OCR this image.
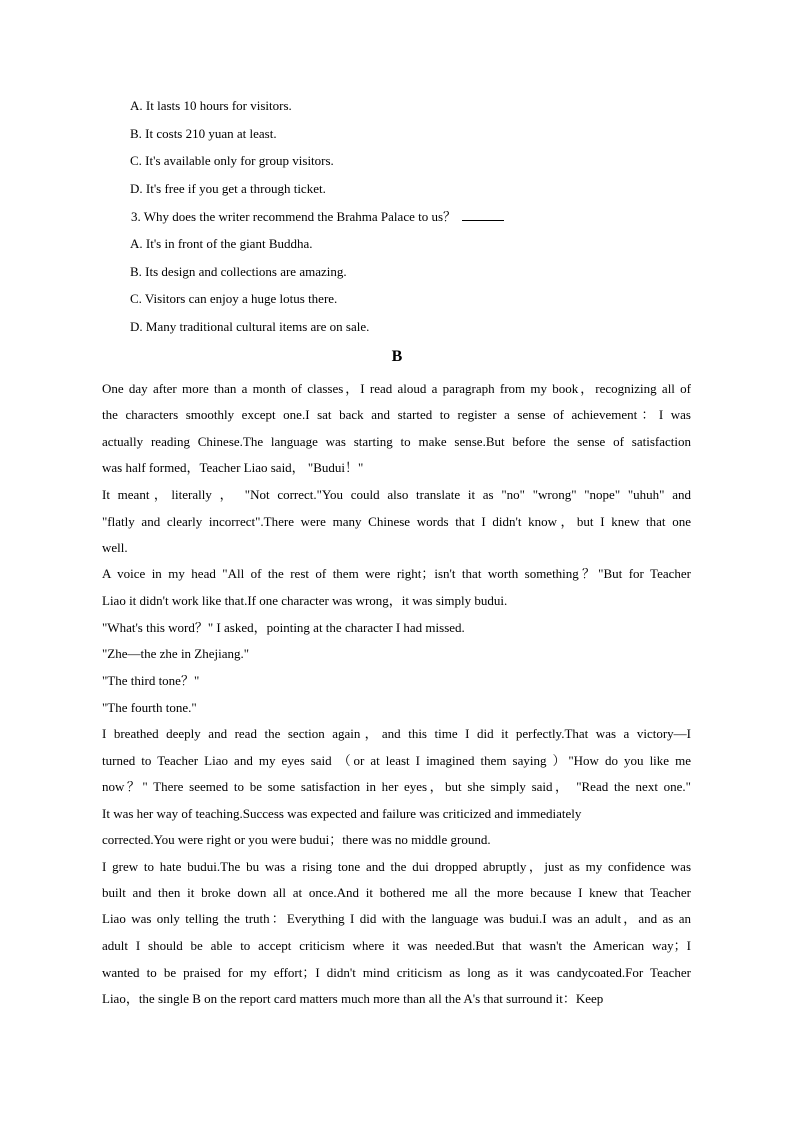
A. It lasts 10 hours for visitors.
B. It costs 210 yuan at least.
C. It's available only for group visitors.
D. It's free if you get a through ticket.
3. Why does the writer recommend the Brahma Palace to us？
A. It's in front of the giant Buddha.
B. Its design and collections are amazing.
C. Visitors can enjoy a huge lotus there.
D. Many traditional cultural items are on sale.
B
One day after more than a month of classes，I read aloud a paragraph from my book，recognizing all of
the characters smoothly except one.I sat back and started to register a sense of achievement：I was
actually reading Chinese.The language was starting to make sense.But before the sense of satisfaction
was half formed，Teacher Liao said， "Budui！"
It meant，literally ， "Not correct."You could also translate it as "no" "wrong" "nope" "uhuh" and
"flatly and clearly incorrect".There were many Chinese words that I didn't know，but I knew that one
well.
A voice in my head "All of the rest of them were right；isn't that worth something？"But for Teacher
Liao it didn't work like that.If one character was wrong，it was simply budui.
"What's this word？" I asked，pointing at the character I had missed.
"Zhe—the zhe in Zhejiang."
"The third tone？"
"The fourth tone."
I breathed deeply and read the section again，and this time I did it perfectly.That was a victory—I
turned to Teacher Liao and my eyes said （or at least I imagined them saying ）"How do you like me
now？" There seemed to be some satisfaction in her eyes，but she simply said， "Read the next one."
It was her way of teaching.Success was expected and failure was criticized and immediately
corrected.You were right or you were budui；there was no middle ground.
I grew to hate budui.The bu was a rising tone and the dui dropped abruptly，just as my confidence was
built and then it broke down all at once.And it bothered me all the more because I knew that Teacher
Liao was only telling the truth：Everything I did with the language was budui.I was an adult，and as an
adult I should be able to accept criticism where it was needed.But that wasn't the American way；I
wanted to be praised for my effort；I didn't mind criticism as long as it was candycoated.For Teacher
Liao，the single B on the report card matters much more than all the A's that surround it：Keep
